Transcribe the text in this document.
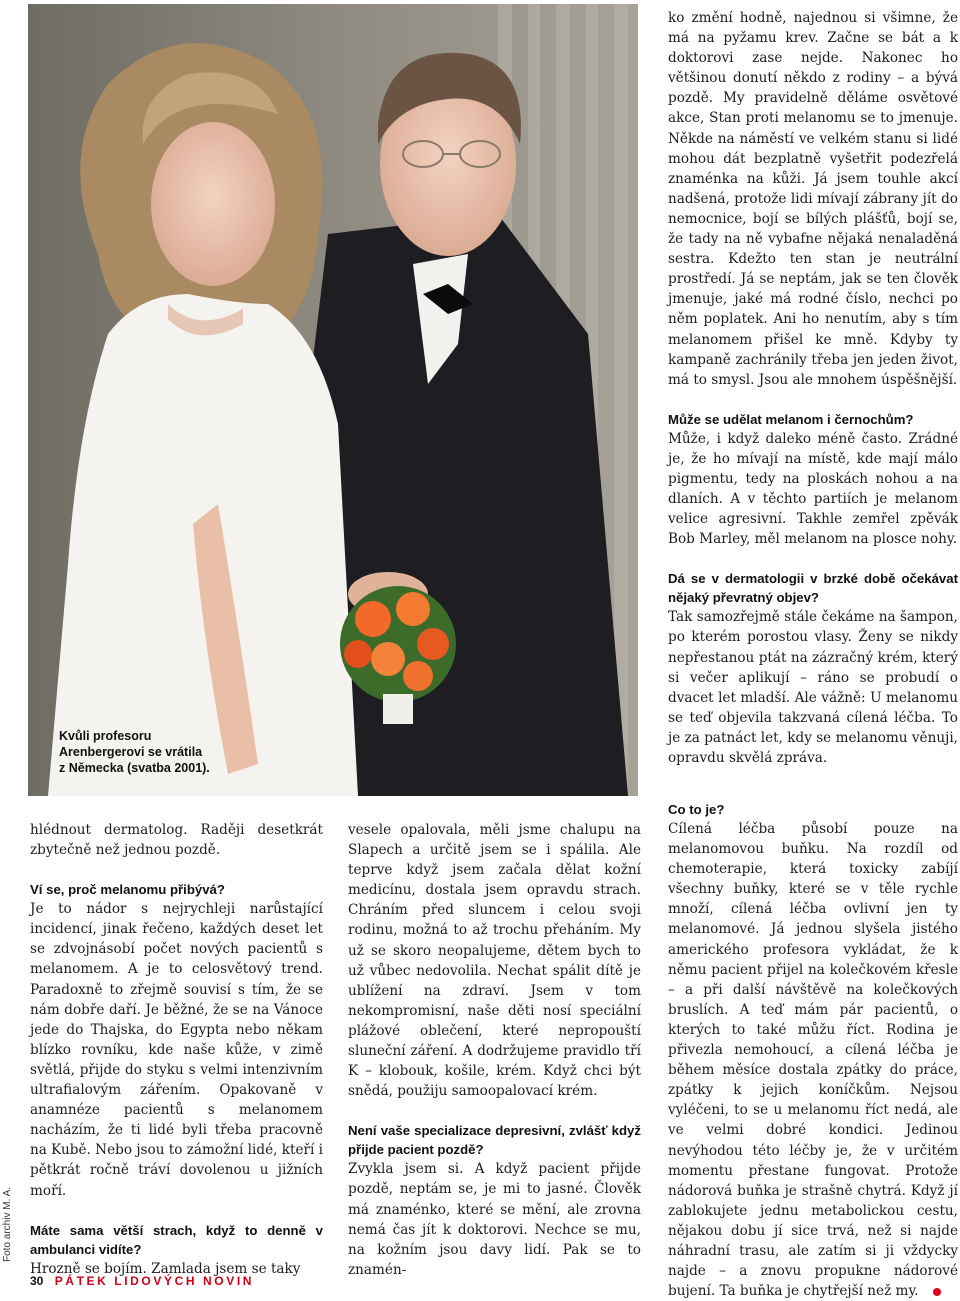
Kvůli profesoru
Arenbergerovi se vrátila
z Německa (svatba 2001).

ko změní hodně, najednou si všimne, že má na pyžamu krev. Začne se bát a k doktorovi zase nejde. Nakonec ho většinou donutí někdo z rodiny – a bývá pozdě. My pravidelně děláme osvětové akce, Stan proti melanomu se to jmenuje. Někde na náměstí ve velkém stanu si lidé mohou dát bezplatně vyšetřit podezřelá znaménka na kůži. Já jsem touhle akcí nadšená, protože lidi mívají zábrany jít do nemocnice, bojí se bílých plášťů, bojí se, že tady na ně vybafne nějaká nenaladěná sestra. Kdežto ten stan je neutrální prostředí. Já se neptám, jak se ten člověk jmenuje, jaké má rodné číslo, nechci po něm poplatek. Ani ho nenutím, aby s tím melanomem přišel ke mně. Kdyby ty kampaně zachránily třeba jen jeden život, má to smysl. Jsou ale mnohem úspěšnější.

Může se udělat melanom i černochům?

Může, i když daleko méně často. Zrádné je, že ho mívají na místě, kde mají málo pigmentu, tedy na ploskách nohou a na dlaních. A v těchto partiích je melanom velice agresivní. Takhle zemřel zpěvák Bob Marley, měl melanom na plosce nohy.

Dá se v dermatologii v brzké době očekávat nějaký převratný objev?

Tak samozřejmě stále čekáme na šampon, po kterém porostou vlasy. Ženy se nikdy nepřestanou ptát na zázračný krém, který si večer aplikují – ráno se probudí o dvacet let mladší. Ale vážně: U melanomu se teď objevila takzvaná cílená léčba. To je za patnáct let, kdy se melanomu věnuji, opravdu skvělá zpráva.

hlédnout dermatolog. Raději desetkrát zbytečně než jednou pozdě.

Ví se, proč melanomu přibývá?

Je to nádor s nejrychleji narůstající incidencí, jinak řečeno, každých deset let se zdvojnásobí počet nových pacientů s melanomem. A je to celosvětový trend. Paradoxně to zřejmě souvisí s tím, že se nám dobře daří. Je běžné, že se na Vánoce jede do Thajska, do Egypta nebo někam blízko rovníku, kde naše kůže, v zimě světlá, přijde do styku s velmi intenzivním ultrafialovým zářením. Opakovaně v anamnéze pacientů s melanomem nacházím, že ti lidé byli třeba pracovně na Kubě. Nebo jsou to zámožní lidé, kteří i pětkrát ročně tráví dovolenou u jižních moří.

Máte sama větší strach, když to denně v ambulanci vidíte?

Hrozně se bojím. Zamlada jsem se taky

vesele opalovala, měli jsme chalupu na Slapech a určitě jsem se i spálila. Ale teprve když jsem začala dělat kožní medicínu, dostala jsem opravdu strach. Chráním před sluncem i celou svoji rodinu, možná to až trochu přeháním. My už se skoro neopalujeme, dětem bych to už vůbec nedovolila. Nechat spálit dítě je ublížení na zdraví. Jsem v tom nekompromisní, naše děti nosí speciální plážové oblečení, které nepropouští sluneční záření. A dodržujeme pravidlo tří K – klobouk, košile, krém. Když chci být snědá, použiju samoopalovací krém.

Není vaše specializace depresivní, zvlášť když přijde pacient pozdě?

Zvykla jsem si. A když pacient přijde pozdě, neptám se, je mi to jasné. Člověk má znaménko, které se mění, ale zrovna nemá čas jít k doktorovi. Nechce se mu, na kožním jsou davy lidí. Pak se to znamén-

Co to je?

Cílená léčba působí pouze na melanomovou buňku. Na rozdíl od chemoterapie, která toxicky zabíjí všechny buňky, které se v těle rychle množí, cílená léčba ovlivní jen ty melanomové. Já jednou slyšela jistého amerického profesora vykládat, že k němu pacient přijel na kolečkovém křesle – a při další návštěvě na kolečkových bruslích. A teď mám pár pacientů, o kterých to také můžu říct. Rodina je přivezla nemohoucí, a cílená léčba je během měsíce dostala zpátky do práce, zpátky k jejich koníčkům. Nejsou vyléčeni, to se u melanomu říct nedá, ale ve velmi dobré kondici. Jedinou nevýhodou této léčby je, že v určitém momentu přestane fungovat. Protože nádorová buňka je strašně chytrá. Když jí zablokujete jednu metabolickou cestu, nějakou dobu jí sice trvá, než si najde náhradní trasu, ale zatím si ji vždycky najde – a znovu propukne nádorové bujení. Ta buňka je chytřejší než my.

Foto archiv M. A.
30 PÁTEK LIDOVÝCH NOVIN
